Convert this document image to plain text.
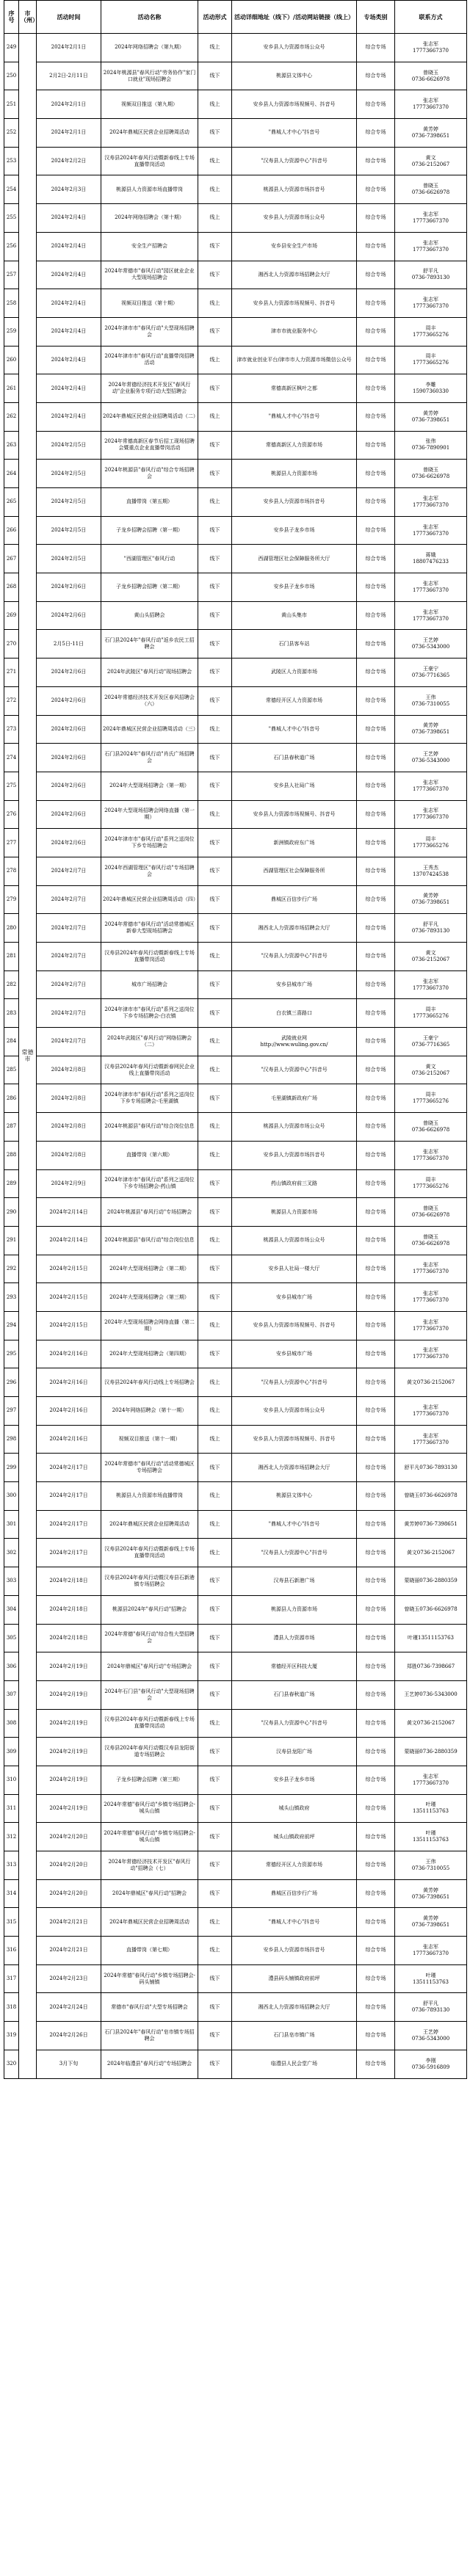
序号	市（州）	活动时间	活动名称	活动形式	活动详细地址（线下）/活动网站链接（线上）	专场类别	联系方式
249	常德市	2024年2月1日	2024年网络招聘会（第九期）	线上	安乡县人力资源市场公众号	综合专场	张志军
17773667370
250		2月2日-2月11日	2024年桃源县"春风行动"劳务协作"家门口就业"现场招聘会	线下	桃源县文体中心	综合专场	曾晓玉
0736-6626978
251		2024年2月1日	视频双目推送（第九期）	线上	安乡县人力资源市场视频号、抖音号	综合专场	张志军
17773667370
252		2024年2月1日	2024年鼎城区民营企业招聘周活动	线下	"鼎城人才中心"抖音号	综合专场	黄芳婷
0736-7398651
253		2024年2月2日	汉寿县2024年春风行动暨新春线上专场直播带岗活动	线上	"汉寿县人力资源中心"抖音号	综合专场	黄文
0736-2152067
254		2024年2月3日	桃源县人力资源市场直播带岗	线上	桃源县人力资源市场抖音号	综合专场	曾晓玉
0736-6626978
255		2024年2月4日	2024年网络招聘会（第十期）	线上	安乡县人力资源市场公众号	综合专场	张志军
17773667370
256		2024年2月4日	安全生产招聘会	线下	安乡县安全生产市场	综合专场	张志军
17773667370
257		2024年2月4日	2024年常德市"春风行动"园区就业企业大型现场招聘会	线下	湘西北人力资源市场招聘会大厅	综合专场	舒平凡
0736-7893130
258		2024年2月4日	视频双目推送（第十期）	线上	安乡县人力资源市场视频号、抖音号	综合专场	张志军
17773667370
259		2024年2月4日	2024年津市市"春风行动"大型现场招聘会	线下	津市市就业服务中心	综合专场	周丰
17773665276
260		2024年2月4日	2024年津市市"春风行动"直播带岗招聘活动	线上	津市就业创业平台/津市市人力资源市场微信公众号	综合专场	周丰
17773665276
261		2024年2月4日	2024年常德经济技术开发区"春风行动"企业服务专项行动大型招聘会	线下	常德高新区枫叶之都	综合专场	李雕
15907360330
262		2024年2月4日	2024年鼎城区民营企业招聘周活动（二）	线上	"鼎城人才中心"抖音号	综合专场	黄芳婷
0736-7398651
263		2024年2月5日	2024年常德高新区春节后招工现场招聘会暨重点企业直播带岗活动	线下	常德高新区人力资源市场	综合专场	张伟
0736-7890901
264		2024年2月5日	2024年桃源县"春风行动"综合专场招聘会	线下	桃源县人力资源市场	综合专场	曾晓玉
0736-6626978
265		2024年2月5日	直播带岗（第五期）	线上	安乡县人力资源市场抖音号	综合专场	张志军
17773667370
266		2024年2月5日	子龙乡招聘会招聘（第一期）	线下	安乡县子龙乡市场	综合专场	张志军
17773667370
267		2024年2月5日	"西湖管理区"春风行动	线下	西湖管理区社会保障服务所大厅	综合专场	蒋娥
18807476233
268		2024年2月6日	子龙乡招聘会招聘（第二期）	线下	安乡县子龙乡市场	综合专场	张志军
17773667370
269		2024年2月6日	黄山头招聘会	线下	黄山头集市	综合专场	张志军
17773667370
270		2月5日-11日	石门县2024年"春风行动"返乡农民工招聘会	线下	石门县客车站	综合专场	王艺婷
0736-5343000
271		2024年2月6日	2024年武陵区"春风行动"现场招聘会	线下	武陵区人力资源市场	综合专场	王豪宁
0736-7716365
272		2024年2月6日	2024年常德经济技术开发区春风招聘会（六）	线下	常德经开区人力资源市场	综合专场	王伟
0736-7310055
273		2024年2月6日	2024年鼎城区民营企业招聘周活动（三）	线上	"鼎城人才中心"抖音号	综合专场	黄芳婷
0736-7398651
274		2024年2月6日	石门县2024年"春风行动"肖氏广场招聘会	线下	石门县春秋道广场	综合专场	王艺婷
0736-5343000
275		2024年2月6日	2024年大型现场招聘会（第一期）	线下	安乡县人社局广场	综合专场	张志军
17773667370
276		2024年2月6日	2024年大型现场招聘会网络直播（第一期）	线上	安乡县人力资源市场视频号、抖音号	综合专场	张志军
17773667370
277		2024年2月6日	2024年津市市"春风行动"系列之送岗位下乡专场招聘会	线下	新洲镇政府东广场	综合专场	周丰
17773665276
278		2024年2月7日	2024年西湖管理区"春风行动"专场招聘会	线下	西湖管理区社会保障服务所	综合专场	王秀杰
13707424538
279		2024年2月7日	2024年鼎城区民营企业招聘周活动（四）	线下	鼎城区百信步行广场	综合专场	黄芳婷
0736-7398651
280		2024年2月7日	2024年常德市"春风行动"活动常德城区新春大型现场招聘会	线下	湘西北人力资源市场招聘会大厅	综合专场	舒平凡
0736-7893130
281		2024年2月7日	汉寿县2024年春风行动暨新春线上专场直播带岗活动	线上	"汉寿县人力资源中心"抖音号	综合专场	黄文
0736-2152067
282		2024年2月7日	城市广场招聘会	线下	安乡县城市广场	综合专场	张志军
17773667370
283		2024年2月7日	2024年津市市"春风行动"系列之送岗位下乡专场招聘会-白衣镇	线下	白衣镇三喜路口	综合专场	周丰
17773665276
284		2024年2月7日	2024年武陵区"春风行动"网络招聘会（二）	线上	武陵就业网
http://www.wuling.gov.cn/	综合专场	王豪宁
0736-7716365
285		2024年2月8日	汉寿县2024年春风行动暨新春网民企业线上直播带岗活动	线上	"汉寿县人力资源中心"抖音号	综合专场	黄文
0736-2152067
286		2024年2月8日	2024年津市市"春风行动"系列之送岗位下乡专场招聘会-毛里湖镇	线下	毛里湖镇新政府广场	综合专场	周丰
17773665276
287		2024年2月8日	2024年桃源县"春风行动"综合岗位信息	线上	桃源县人力资源市场公众号	综合专场	曾晓玉
0736-6626978
288		2024年2月8日	直播带岗（第六期）	线上	安乡县人力资源市场抖音号	综合专场	张志军
17773667370
289		2024年2月9日	2024年津市市"春风行动"系列之送岗位下乡专场招聘会-药山镇	线下	药山镇政府前三叉路	综合专场	周丰
17773665276
290		2024年2月14日	2024年桃源县"春风行动"专场招聘会	线下	桃源县人力资源市场	综合专场	曾晓玉
0736-6626978
291		2024年2月14日	2024年桃源县"春风行动"综合岗位信息	线上	桃源县人力资源市场公众号	综合专场	曾晓玉
0736-6626978
292		2024年2月15日	2024年大型现场招聘会（第二期）	线下	安乡县人社局一楼大厅	综合专场	张志军
17773667370
293		2024年2月15日	2024年大型现场招聘会（第三期）	线下	安乡县城市广场	综合专场	张志军
17773667370
294		2024年2月15日	2024年大型现场招聘会网络直播（第二期）	线上	安乡县人力资源市场视频号、抖音号	综合专场	张志军
17773667370
295		2024年2月16日	2024年大型现场招聘会（第四期）	线下	安乡县城市广场	综合专场	张志军
17773667370
296		2024年2月16日	汉寿县2024年春风行动线上专场招聘会	线上	"汉寿县人力资源中心"抖音号	综合专场	黄文0736-2152067
297		2024年2月16日	2024年网络招聘会（第十一期）	线上	安乡县人力资源市场公众号	综合专场	张志军
17773667370
298		2024年2月16日	视频双目推送（第十一期）	线上	安乡县人力资源市场视频号、抖音号	综合专场	张志军
17773667370
299		2024年2月17日	2024年常德市"春风行动"活动常德城区专场招聘会	线下	湘西北人力资源市场招聘会大厅	综合专场	舒平凡0736-7893130
300		2024年2月17日	桃源县人力资源市场直播带岗	线上	桃源县文体中心	综合专场	曾晓玉0736-6626978
301		2024年2月17日	2024年鼎城区民营企业招聘周活动	线上	"鼎城人才中心"抖音号	综合专场	黄芳婷0736-7398651
302		2024年2月17日	汉寿县2024年春风行动暨新春线上专场直播带岗活动	线上	"汉寿县人力资源中心"抖音号	综合专场	黄文0736-2152067
303		2024年2月18日	汉寿县2024年春风行动暨汉寿县石新港镇专场招聘会	线下	汉寿县石新港广场	综合专场	蒙晓丽0736-2880359
304		2024年2月18日	桃源县2024年"春风行动"招聘会	线下	桃源县人力资源市场	综合专场	曾晓玉0736-6626978
305		2024年2月18日	2024年常德"春风行动"综合性大型招聘会	线下	澧县人力资源市场	综合专场	叶瑾13511153763
306		2024年2月19日	2024年鼎城区"春风行动"专场招聘会	线下	常德经开区科技大厦	综合专场	郑胜0736-7398667
307		2024年2月19日	2024年石门县"春风行动"大型现场招聘会	线下	石门县春秋道广场	综合专场	王艺婷0736-5343000
308		2024年2月19日	汉寿县2024年春风行动暨新春线上专场直播带岗活动	线上	"汉寿县人力资源中心"抖音号	综合专场	黄文0736-2152067
309		2024年2月19日	汉寿县2024年春风行动暨汉寿县龙阳街道专场招聘会	线下	汉寿县龙阳广场	综合专场	蒙晓丽0736-2880359
310		2024年2月19日	子龙乡招聘会招聘（第三期）	线下	安乡县子龙乡市场	综合专场	张志军
17773667370
311		2024年2月19日	2024年常德"春风行动"乡镇专场招聘会-城头山镇	线下	城头山镇政府	综合专场	叶瑾
13511153763
312		2024年2月20日	2024年常德"春风行动"乡镇专场招聘会-城头山镇	线下	城头山镇政府前坪	综合专场	叶瑾
13511153763
313		2024年2月20日	2024年常德经济技术开发区"春风行动"招聘会（七）	线下	常德经开区人力资源市场	综合专场	王伟
0736-7310055
314		2024年2月20日	2024年鼎城区"春风行动"招聘会	线下	鼎城区百信步行广场	综合专场	黄芳婷
0736-7398651
315		2024年2月21日	2024年鼎城区民营企业招聘周活动	线上	"鼎城人才中心"抖音号	综合专场	黄芳婷
0736-7398651
316		2024年2月21日	直播带岗（第七期）	线上	安乡县人力资源市场抖音号	综合专场	张志军
17773667370
317		2024年2月23日	2024年常德"春风行动"乡镇专场招聘会-码头铺镇	线下	澧县码头铺镇政府前坪	综合专场	叶瑾
13511153763
318		2024年2月24日	常德市"春风行动"大型专场招聘会	线下	湘西北人力资源市场招聘会大厅	综合专场	舒平凡
0736-7893130
319		2024年2月26日	石门县2024年"春风行动"皂市镇专场招聘会	线下	石门县皂市镇广场	综合专场	王艺婷
0736-5343000
320		3月下旬	2024年临澧县"春风行动"专场招聘会	线下	临澧县人民会堂广场	综合专场	李刚
0736-5916809
